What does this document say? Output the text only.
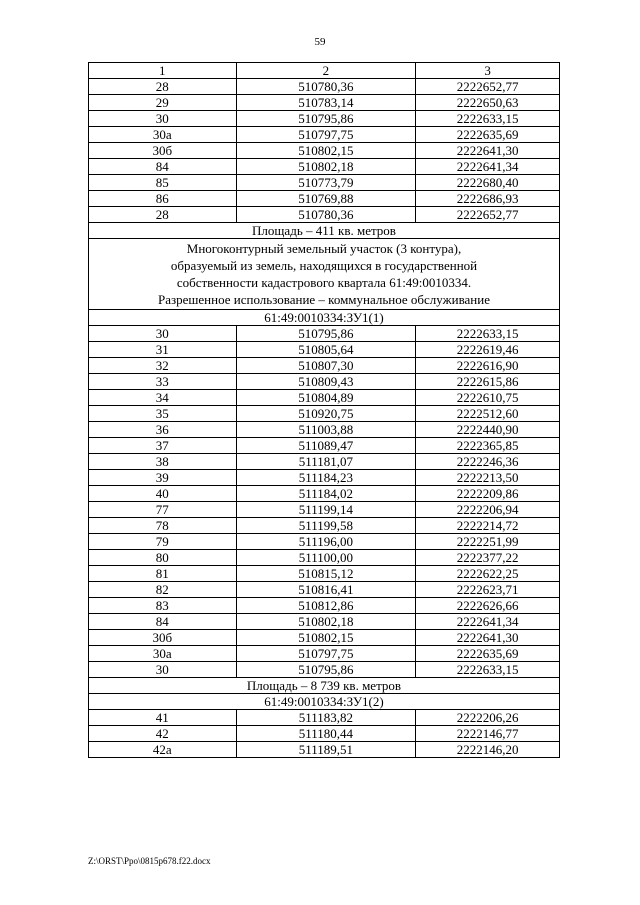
59
1	2	3
28	510780,36	2222652,77
29	510783,14	2222650,63
30	510795,86	2222633,15
30а	510797,75	2222635,69
30б	510802,15	2222641,30
84	510802,18	2222641,34
85	510773,79	2222680,40
86	510769,88	2222686,93
28	510780,36	2222652,77
Площадь – 411 кв. метров		

Многоконтурный земельный участок (3 контура),
образуемый из земель, находящихся в государственной
собственности кадастрового квартала 61:49:0010334.
Разрешенное использование – коммунальное обслуживание		

61:49:0010334:ЗУ1(1)		
30	510795,86	2222633,15
31	510805,64	2222619,46
32	510807,30	2222616,90
33	510809,43	2222615,86
34	510804,89	2222610,75
35	510920,75	2222512,60
36	511003,88	2222440,90
37	511089,47	2222365,85
38	511181,07	2222246,36
39	511184,23	2222213,50
40	511184,02	2222209,86
77	511199,14	2222206,94
78	511199,58	2222214,72
79	511196,00	2222251,99
80	511100,00	2222377,22
81	510815,12	2222622,25
82	510816,41	2222623,71
83	510812,86	2222626,66
84	510802,18	2222641,34
30б	510802,15	2222641,30
30а	510797,75	2222635,69
30	510795,86	2222633,15
Площадь – 8 739 кв. метров		
61:49:0010334:ЗУ1(2)		
41	511183,82	2222206,26
42	511180,44	2222146,77
42а	511189,51	2222146,20
Z:\ORST\Ppo\0815p678.f22.docx
